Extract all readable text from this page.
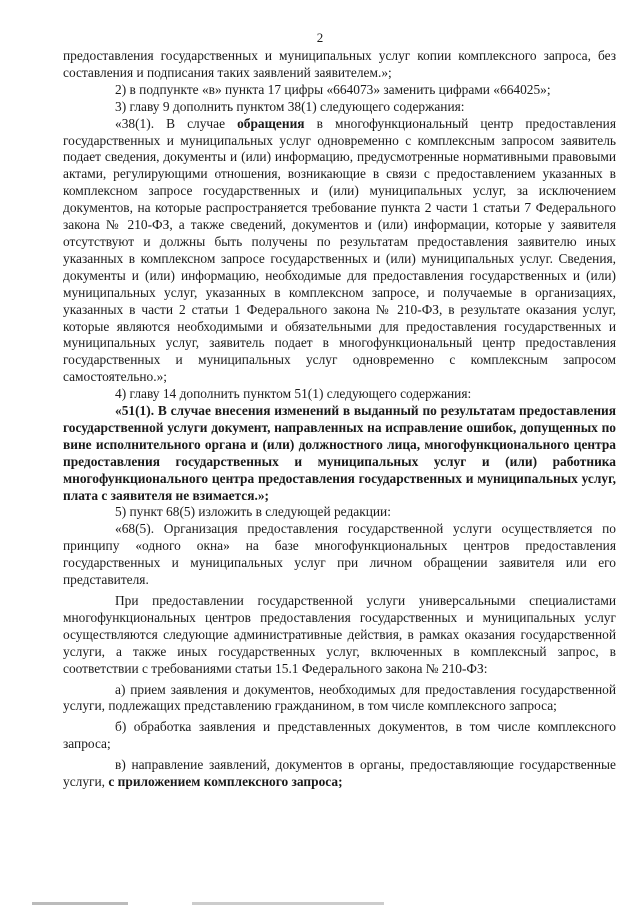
2

предоставления государственных и муниципальных услуг копии комплексного запроса, без составления и подписания таких заявлений заявителем.»;

2) в подпункте «в» пункта 17 цифры «664073» заменить цифрами «664025»;

3) главу 9 дополнить пунктом 38(1) следующего содержания:

«38(1). В случае обращения в многофункциональный центр предоставления государственных и муниципальных услуг одновременно с комплексным запросом заявитель подает сведения, документы и (или) информацию, предусмотренные нормативными правовыми актами, регулирующими отношения, возникающие в связи с предоставлением указанных в комплексном запросе государственных и (или) муниципальных услуг, за исключением документов, на которые распространяется требование пункта 2 части 1 статьи 7 Федерального закона № 210-ФЗ, а также сведений, документов и (или) информации, которые у заявителя отсутствуют и должны быть получены по результатам предоставления заявителю иных указанных в комплексном запросе государственных и (или) муниципальных услуг. Сведения, документы и (или) информацию, необходимые для предоставления государственных и (или) муниципальных услуг, указанных в комплексном запросе, и получаемые в организациях, указанных в части 2 статьи 1 Федерального закона № 210-ФЗ, в результате оказания услуг, которые являются необходимыми и обязательными для предоставления государственных и муниципальных услуг, заявитель подает в многофункциональный центр предоставления государственных и муниципальных услуг одновременно с комплексным запросом самостоятельно.»;

4) главу 14 дополнить пунктом 51(1) следующего содержания:

«51(1). В случае внесения изменений в выданный по результатам предоставления государственной услуги документ, направленных на исправление ошибок, допущенных по вине исполнительного органа и (или) должностного лица, многофункционального центра предоставления государственных и муниципальных услуг и (или) работника многофункционального центра предоставления государственных и муниципальных услуг, плата с заявителя не взимается.»;

5) пункт 68(5) изложить в следующей редакции:

«68(5). Организация предоставления государственной услуги осуществляется по принципу «одного окна» на базе многофункциональных центров предоставления государственных и муниципальных услуг при личном обращении заявителя или его представителя.

При предоставлении государственной услуги универсальными специалистами многофункциональных центров предоставления государственных и муниципальных услуг осуществляются следующие административные действия, в рамках оказания государственной услуги, а также иных государственных услуг, включенных в комплексный запрос, в соответствии с требованиями статьи 15.1 Федерального закона № 210-ФЗ:

а) прием заявления и документов, необходимых для предоставления государственной услуги, подлежащих представлению гражданином, в том числе комплексного запроса;

б) обработка заявления и представленных документов, в том числе комплексного запроса;

в) направление заявлений, документов в органы, предоставляющие государственные услуги, с приложением комплексного запроса;
